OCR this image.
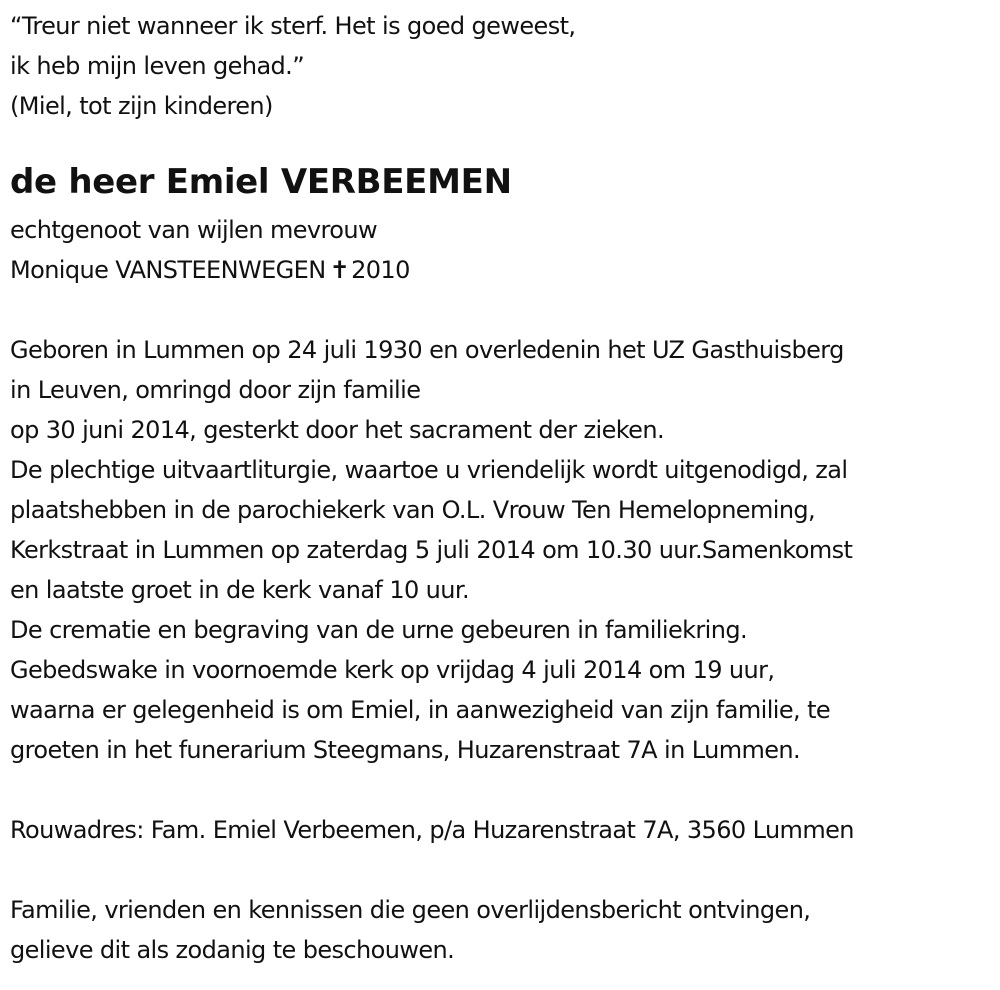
“Treur niet wanneer ik sterf. Het is goed geweest,
ik heb mijn leven gehad.”
(Miel, tot zijn kinderen)
de heer Emiel VERBEEMEN
echtgenoot van wijlen mevrouw
Monique VANSTEENWEGEN ✝2010
Geboren in Lummen op 24 juli 1930 en overledenin het UZ Gasthuisberg
in Leuven, omringd door zijn familie
op 30 juni 2014, gesterkt door het sacrament der zieken.
De plechtige uitvaartliturgie, waartoe u vriendelijk wordt uitgenodigd, zal
plaatshebben in de parochiekerk van O.L. Vrouw Ten Hemelopneming,
Kerkstraat in Lummen op zaterdag 5 juli 2014 om 10.30 uur.Samenkomst
en laatste groet in de kerk vanaf 10 uur.
De crematie en begraving van de urne gebeuren in familiekring.
Gebedswake in voornoemde kerk op vrijdag 4 juli 2014 om 19 uur,
waarna er gelegenheid is om Emiel, in aanwezigheid van zijn familie, te
groeten in het funerarium Steegmans, Huzarenstraat 7A in Lummen.
Rouwadres: Fam. Emiel Verbeemen, p/a Huzarenstraat 7A, 3560 Lummen
Familie, vrienden en kennissen die geen overlijdensbericht ontvingen,
gelieve dit als zodanig te beschouwen.
